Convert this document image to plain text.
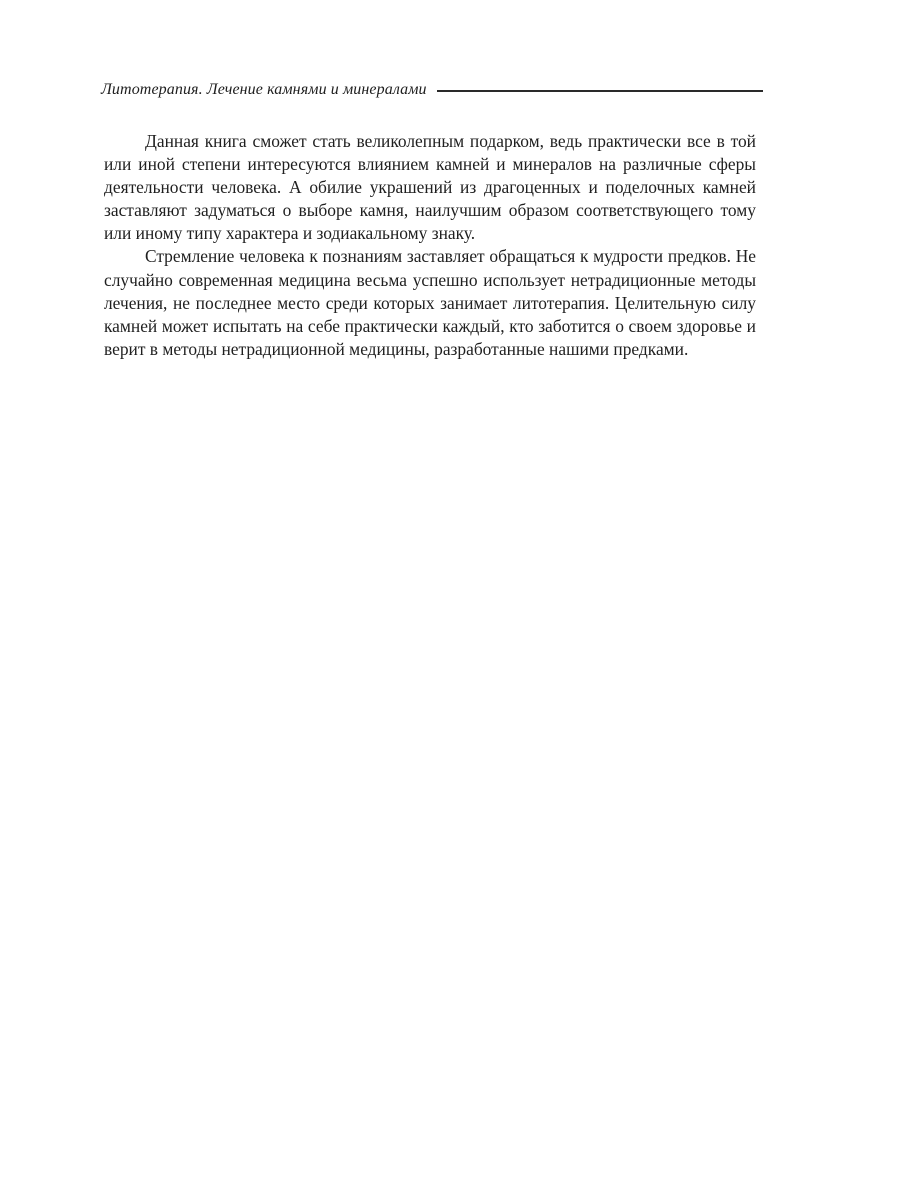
Литотерапия. Лечение камнями и минералами

Данная книга сможет стать великолепным подарком, ведь практически все в той или иной степени интересуются влиянием камней и минералов на различные сферы деятельности человека. А обилие украшений из драгоценных и поделочных камней заставляют задуматься о выборе камня, наилучшим образом соответствующего тому или иному типу характера и зодиакальному знаку.

Стремление человека к познаниям заставляет обращаться к мудрости предков. Не случайно современная медицина весьма успешно использует нетрадиционные методы лечения, не последнее место среди которых занимает литотерапия. Целительную силу камней может испытать на себе практически каждый, кто заботится о своем здоровье и верит в методы нетрадиционной медицины, разработанные нашими предками.
